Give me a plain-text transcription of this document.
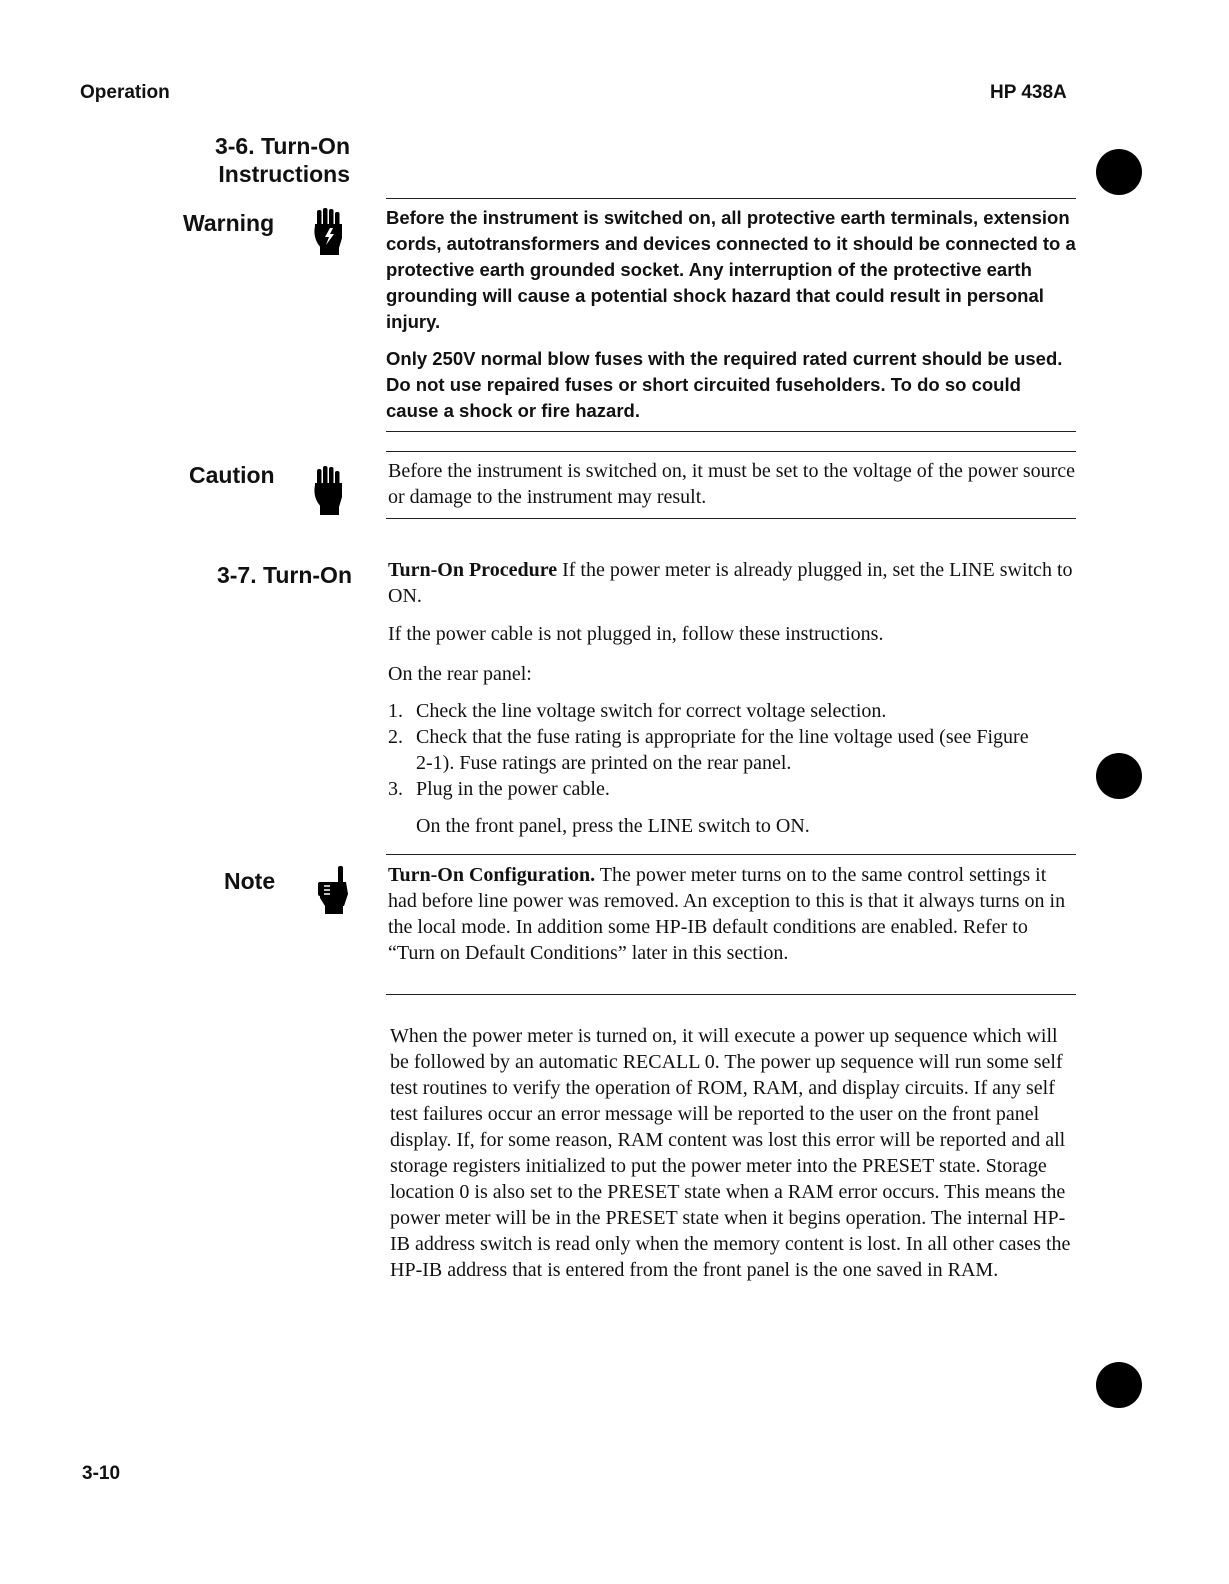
Operation	HP 438A
3-6. Turn-On
Instructions
Warning	Before the instrument is switched on, all protective earth terminals, extension cords, autotransformers and devices connected to it should be connected to a protective earth grounded socket. Any interruption of the protective earth grounding will cause a potential shock hazard that could result in personal injury.

Only 250V normal blow fuses with the required rated current should be used. Do not use repaired fuses or short circuited fuseholders. To do so could cause a shock or fire hazard.

Caution	Before the instrument is switched on, it must be set to the voltage of the power source or damage to the instrument may result.

3-7. Turn-On Turn-On Procedure If the power meter is already plugged in, set the LINE switch to ON.

If the power cable is not plugged in, follow these instructions.

On the rear panel:

1. Check the line voltage switch for correct voltage selection.
2. Check that the fuse rating is appropriate for the line voltage used (see Figure 2-1). Fuse ratings are printed on the rear panel.
3. Plug in the power cable.

On the front panel, press the LINE switch to ON.

Note	Turn-On Configuration. The power meter turns on to the same control settings it had before line power was removed. An exception to this is that it always turns on in the local mode. In addition some HP-IB default conditions are enabled. Refer to “Turn on Default Conditions” later in this section.

When the power meter is turned on, it will execute a power up sequence which will be followed by an automatic RECALL 0. The power up sequence will run some self test routines to verify the operation of ROM, RAM, and display circuits. If any self test failures occur an error message will be reported to the user on the front panel display. If, for some reason, RAM content was lost this error will be reported and all storage registers initialized to put the power meter into the PRESET state. Storage location 0 is also set to the PRESET state when a RAM error occurs. This means the power meter will be in the PRESET state when it begins operation. The internal HP-IB address switch is read only when the memory content is lost. In all other cases the HP-IB address that is entered from the front panel is the one saved in RAM.

3-10
